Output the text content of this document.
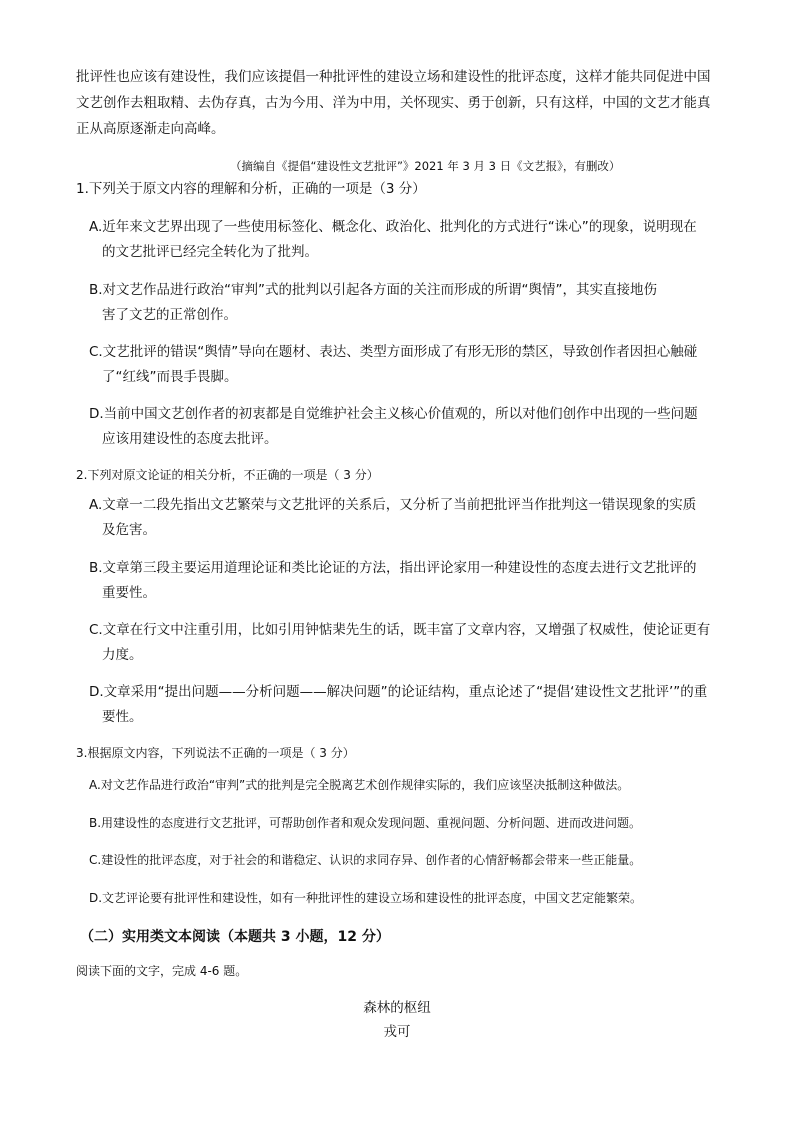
批评性也应该有建设性，我们应该提倡一种批评性的建设立场和建设性的批评态度，这样才能共同促进中国
文艺创作去粗取精、去伪存真，古为今用、洋为中用，关怀现实、勇于创新，只有这样，中国的文艺才能真
正从高原逐渐走向高峰。
（摘编自《提倡“建设性文艺批评”》2021 年 3 月 3 日《文艺报》，有删改）
1.下列关于原文内容的理解和分析，正确的一项是（3 分）
A.近年来文艺界出现了一些使用标签化、概念化、政治化、批判化的方式进行“诛心”的现象，说明现在
的文艺批评已经完全转化为了批判。
B.对文艺作品进行政治“审判”式的批判以引起各方面的关注而形成的所谓“舆情”，其实直接地伤
害了文艺的正常创作。
C.文艺批评的错误“舆情”导向在题材、表达、类型方面形成了有形无形的禁区，导致创作者因担心触碰
了“红线”而畏手畏脚。
D.当前中国文艺创作者的初衷都是自觉维护社会主义核心价值观的，所以对他们创作中出现的一些问题
应该用建设性的态度去批评。
2.下列对原文论证的相关分析，不正确的一项是（ 3 分）
A.文章一二段先指出文艺繁荣与文艺批评的关系后，又分析了当前把批评当作批判这一错误现象的实质
及危害。
B.文章第三段主要运用道理论证和类比论证的方法，指出评论家用一种建设性的态度去进行文艺批评的
重要性。
C.文章在行文中注重引用，比如引用钟惦棐先生的话，既丰富了文章内容，又增强了权威性，使论证更有
力度。
D.文章采用“提出问题——分析问题——解决问题”的论证结构，重点论述了“提倡‘建设性文艺批评’”的重
要性。
3.根据原文内容，下列说法不正确的一项是（ 3 分）
A.对文艺作品进行政治“审判”式的批判是完全脱离艺术创作规律实际的，我们应该坚决抵制这种做法。
B.用建设性的态度进行文艺批评，可帮助创作者和观众发现问题、重视问题、分析问题、进而改进问题。
C.建设性的批评态度，对于社会的和谐稳定、认识的求同存异、创作者的心情舒畅都会带来一些正能量。
D.文艺评论要有批评性和建设性，如有一种批评性的建设立场和建设性的批评态度，中国文艺定能繁荣。
（二）实用类文本阅读（本题共 3 小题，12 分）
阅读下面的文字，完成 4-6 题。
森林的枢纽
戎可
